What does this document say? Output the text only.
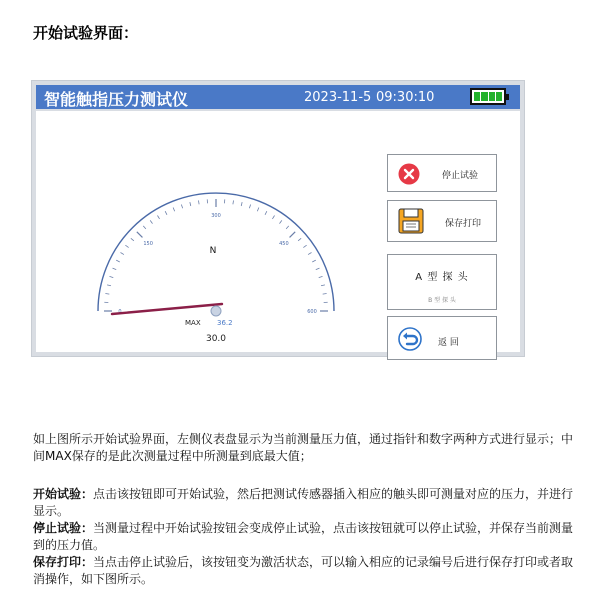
开始试验界面：
智能触指压力测试仪	2023-11-5 09:30:10
0
150
300
450
600
N
30.0
MAX 36.2
停止试验
保存打印
A 型 探 头
B 型 探 头
返 回
如上图所示开始试验界面，左侧仪表盘显示为当前测量压力值，通过指针和数字两种方式进行显示；中间MAX保存的是此次测量过程中所测量到底最大值；
开始试验：点击该按钮即可开始试验，然后把测试传感器插入相应的触头即可测量对应的压力，并进行显示。
停止试验：当测量过程中开始试验按钮会变成停止试验，点击该按钮就可以停止试验，并保存当前测量到的压力值。
保存打印：当点击停止试验后，该按钮变为激活状态，可以输入相应的记录编号后进行保存打印或者取消操作，如下图所示。
